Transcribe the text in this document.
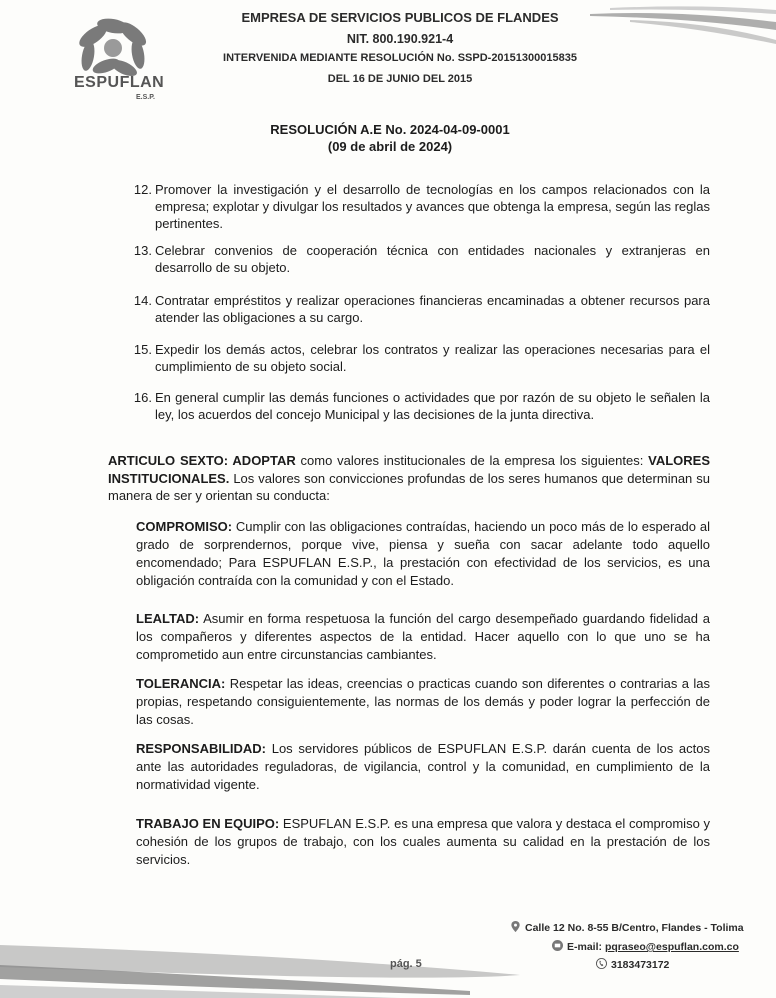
ESPUFLAN
E.S.P.
EMPRESA DE SERVICIOS PUBLICOS DE FLANDES
NIT. 800.190.921-4
INTERVENIDA MEDIANTE RESOLUCIÓN No. SSPD-20151300015835
DEL 16 DE JUNIO DEL 2015
RESOLUCIÓN A.E No. 2024-04-09-0001
(09 de abril de 2024)
12. Promover la investigación y el desarrollo de tecnologías en los campos relacionados con la empresa; explotar y divulgar los resultados y avances que obtenga la empresa, según las reglas pertinentes.
13. Celebrar convenios de cooperación técnica con entidades nacionales y extranjeras en desarrollo de su objeto.
14. Contratar empréstitos y realizar operaciones financieras encaminadas a obtener recursos para atender las obligaciones a su cargo.
15. Expedir los demás actos, celebrar los contratos y realizar las operaciones necesarias para el cumplimiento de su objeto social.
16. En general cumplir las demás funciones o actividades que por razón de su objeto le señalen la ley, los acuerdos del concejo Municipal y las decisiones de la junta directiva.
ARTICULO SEXTO: ADOPTAR como valores institucionales de la empresa los siguientes: VALORES INSTITUCIONALES. Los valores son convicciones profundas de los seres humanos que determinan su manera de ser y orientan su conducta:
COMPROMISO: Cumplir con las obligaciones contraídas, haciendo un poco más de lo esperado al grado de sorprendernos, porque vive, piensa y sueña con sacar adelante todo aquello encomendado; Para ESPUFLAN E.S.P., la prestación con efectividad de los servicios, es una obligación contraída con la comunidad y con el Estado.
LEALTAD: Asumir en forma respetuosa la función del cargo desempeñado guardando fidelidad a los compañeros y diferentes aspectos de la entidad. Hacer aquello con lo que uno se ha comprometido aun entre circunstancias cambiantes.
TOLERANCIA: Respetar las ideas, creencias o practicas cuando son diferentes o contrarias a las propias, respetando consiguientemente, las normas de los demás y poder lograr la perfección de las cosas.
RESPONSABILIDAD: Los servidores públicos de ESPUFLAN E.S.P. darán cuenta de los actos ante las autoridades reguladoras, de vigilancia, control y la comunidad, en cumplimiento de la normatividad vigente.
TRABAJO EN EQUIPO: ESPUFLAN E.S.P. es una empresa que valora y destaca el compromiso y cohesión de los grupos de trabajo, con los cuales aumenta su calidad en la prestación de los servicios.
Calle 12 No. 8-55 B/Centro, Flandes - Tolima
E-mail: pqraseo@espuflan.com.co
3183473172
pág. 5
